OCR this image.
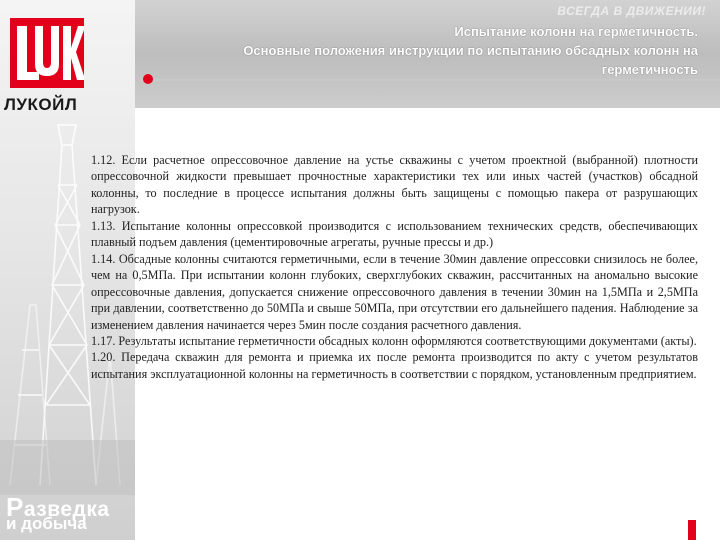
ВСЕГДА В ДВИЖЕНИИ!
Испытание колонн на герметичность.
Основные положения инструкции по испытанию обсадных колонн на
герметичность
ЛУКОЙЛ

1.12. Если расчетное опрессовочное давление на устье скважины с учетом проектной (выбранной) плотности опрессовочной жидкости превышает прочностные характеристики тех или иных частей (участков) обсадной колонны, то последние в процессе испытания должны быть защищены с помощью пакера от разрушающих нагрузок.

1.13. Испытание колонны опрессовкой производится с использованием технических средств, обеспечивающих плавный подъем давления (цементировочные агрегаты, ручные прессы и др.)

1.14. Обсадные колонны считаются герметичными, если в течение 30мин давление опрессовки снизилось не более, чем на 0,5МПа. При испытании колонн глубоких, сверхглубоких скважин, рассчитанных на аномально высокие опрессовочные давления, допускается снижение опрессовочного давления в течении 30мин на 1,5МПа и 2,5МПа при давлении, соответственно до 50МПа и свыше 50МПа, при отсутствии его дальнейшего падения. Наблюдение за изменением давления начинается через 5мин после создания расчетного давления.

1.17. Результаты испытание герметичности обсадных колонн оформляются соответствующими документами (акты).

1.20. Передача скважин для ремонта и приемка их после ремонта производится по акту с учетом результатов испытания эксплуатационной колонны на герметичность в соответствии с порядком, установленным предприятием.

Разведка
и добыча
